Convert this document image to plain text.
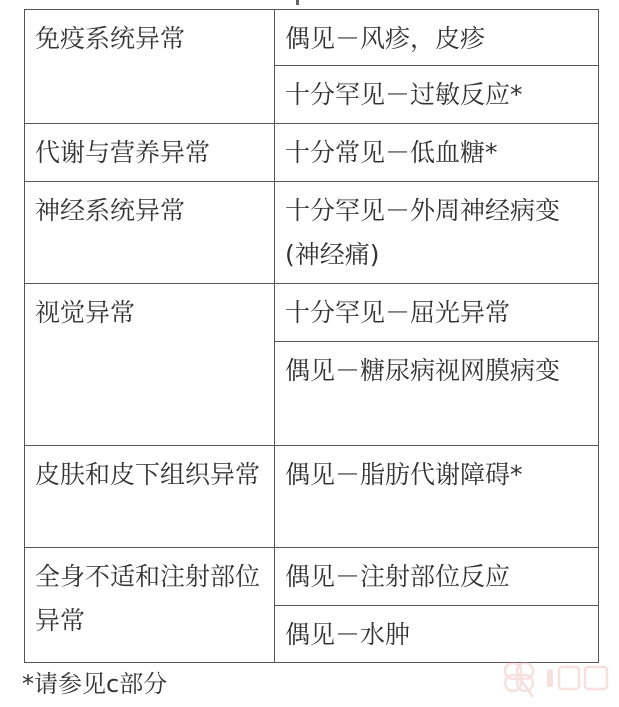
免疫系统异常	偶见－风疹，皮疹
	十分罕见－过敏反应*
代谢与营养异常	十分常见－低血糖*
神经系统异常	十分罕见－外周神经病变(神经痛)
视觉异常	十分罕见－屈光异常
	偶见－糖尿病视网膜病变
皮肤和皮下组织异常	偶见－脂肪代谢障碍*
全身不适和注射部位异常	偶见－注射部位反应
	偶见－水肿
*请参见c部分
